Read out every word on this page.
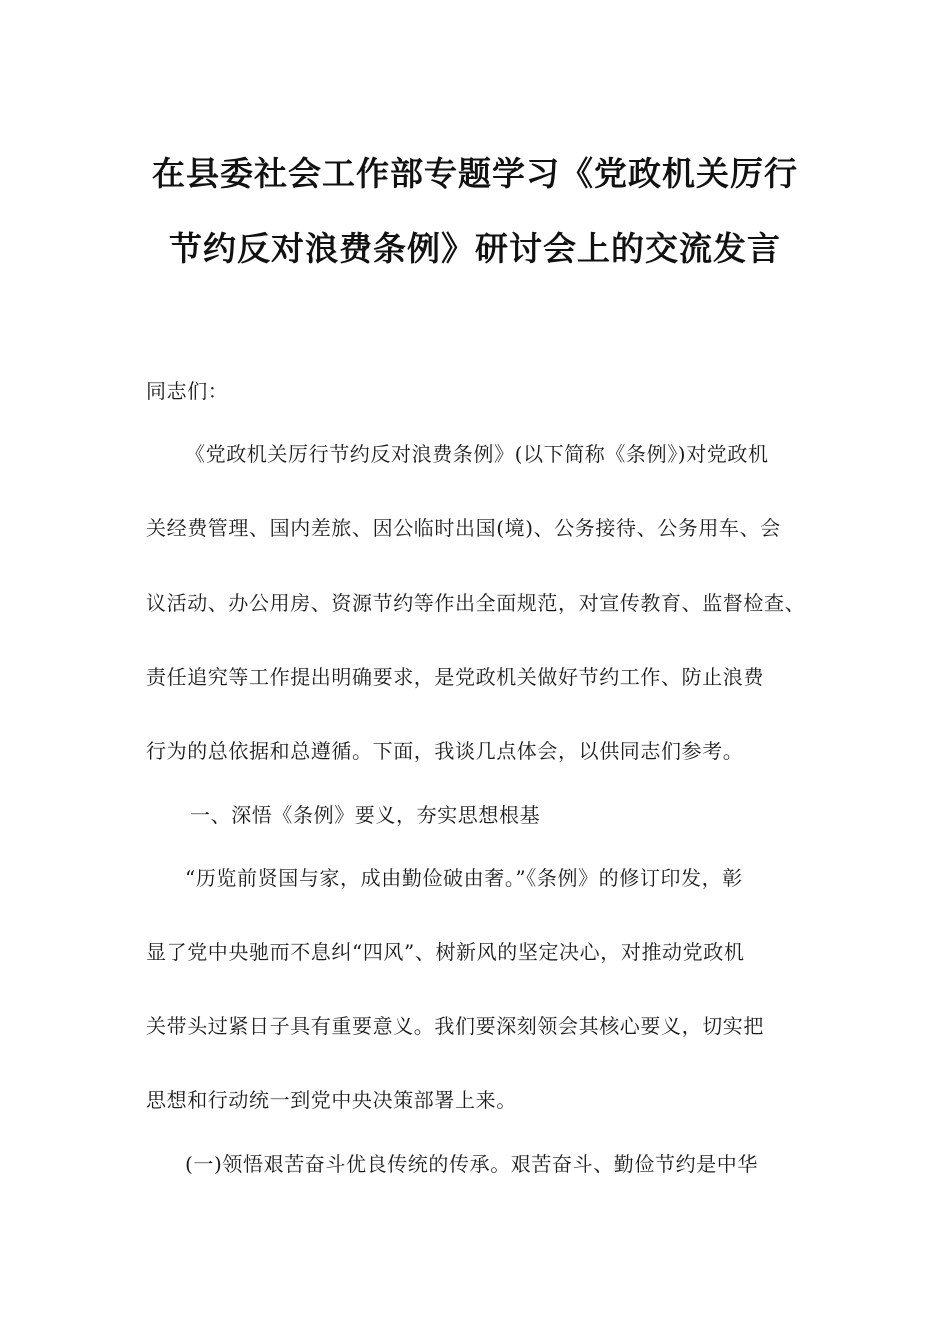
在县委社会工作部专题学习《党政机关厉行
节约反对浪费条例》研讨会上的交流发言
同志们：
《党政机关厉行节约反对浪费条例》(以下简称《条例》)对党政机
关经费管理、国内差旅、因公临时出国(境)、公务接待、公务用车、会
议活动、办公用房、资源节约等作出全面规范，对宣传教育、监督检查、
责任追究等工作提出明确要求，是党政机关做好节约工作、防止浪费
行为的总依据和总遵循。下面，我谈几点体会，以供同志们参考。
一、深悟《条例》要义，夯实思想根基
“历览前贤国与家，成由勤俭破由奢。”《条例》的修订印发，彰
显了党中央驰而不息纠“四风”、树新风的坚定决心，对推动党政机
关带头过紧日子具有重要意义。我们要深刻领会其核心要义，切实把
思想和行动统一到党中央决策部署上来。
(一)领悟艰苦奋斗优良传统的传承。艰苦奋斗、勤俭节约是中华
